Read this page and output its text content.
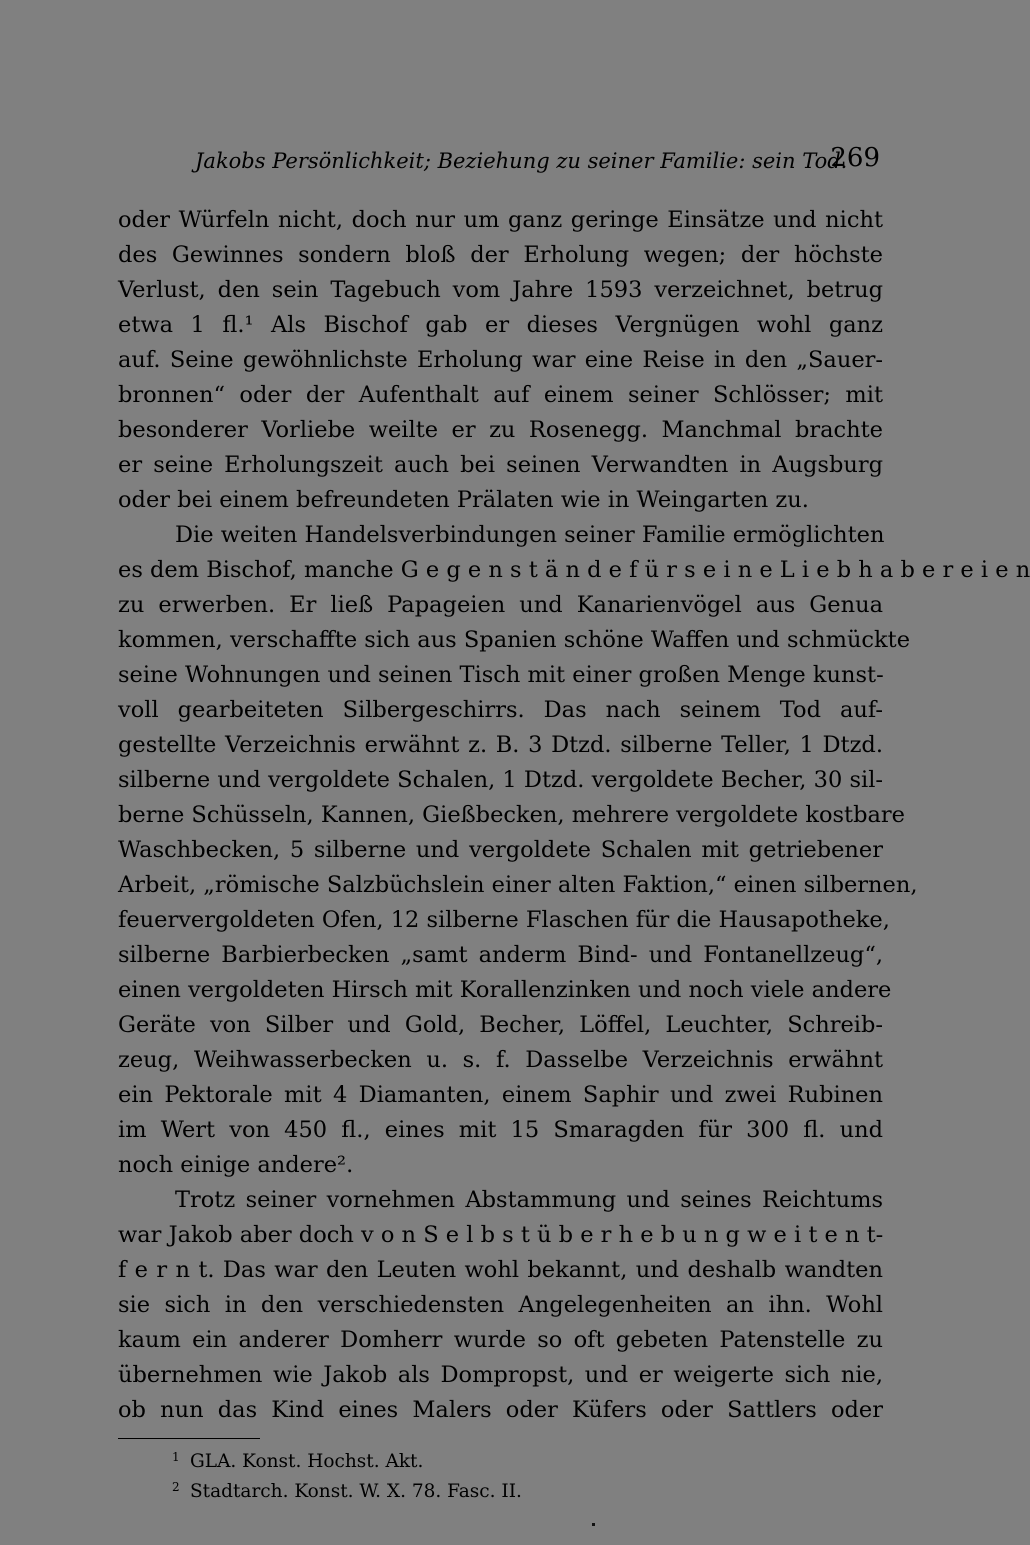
Jakobs Persönlichkeit; Beziehung zu seiner Familie: sein Tod.
269
oder Würfeln nicht, doch nur um ganz geringe Einsätze und nicht
des Gewinnes sondern bloß der Erholung wegen; der höchste
Verlust, den sein Tagebuch vom Jahre 1593 verzeichnet, betrug
etwa 1 fl.¹ Als Bischof gab er dieses Vergnügen wohl ganz
auf. Seine gewöhnlichste Erholung war eine Reise in den „Sauer-
bronnen“ oder der Aufenthalt auf einem seiner Schlösser; mit
besonderer Vorliebe weilte er zu Rosenegg. Manchmal brachte
er seine Erholungszeit auch bei seinen Verwandten in Augsburg
oder bei einem befreundeten Prälaten wie in Weingarten zu.
Die weiten Handelsverbindungen seiner Familie ermöglichten
es dem Bischof, manche G e g e n s t ä n d e f ü r s e i n e L i e b h a b e r e i e n
zu erwerben. Er ließ Papageien und Kanarienvögel aus Genua
kommen, verschaffte sich aus Spanien schöne Waffen und schmückte
seine Wohnungen und seinen Tisch mit einer großen Menge kunst-
voll gearbeiteten Silbergeschirrs. Das nach seinem Tod auf-
gestellte Verzeichnis erwähnt z. B. 3 Dtzd. silberne Teller, 1 Dtzd.
silberne und vergoldete Schalen, 1 Dtzd. vergoldete Becher, 30 sil-
berne Schüsseln, Kannen, Gießbecken, mehrere vergoldete kostbare
Waschbecken, 5 silberne und vergoldete Schalen mit getriebener
Arbeit, „römische Salzbüchslein einer alten Faktion,“ einen silbernen,
feuervergoldeten Ofen, 12 silberne Flaschen für die Hausapotheke,
silberne Barbierbecken „samt anderm Bind- und Fontanellzeug“,
einen vergoldeten Hirsch mit Korallenzinken und noch viele andere
Geräte von Silber und Gold, Becher, Löffel, Leuchter, Schreib-
zeug, Weihwasserbecken u. s. f. Dasselbe Verzeichnis erwähnt
ein Pektorale mit 4 Diamanten, einem Saphir und zwei Rubinen
im Wert von 450 fl., eines mit 15 Smaragden für 300 fl. und
noch einige andere².
Trotz seiner vornehmen Abstammung und seines Reichtums
war Jakob aber doch v o n S e l b s t ü b e r h e b u n g w e i t e n t-
f e r n t. Das war den Leuten wohl bekannt, und deshalb wandten
sie sich in den verschiedensten Angelegenheiten an ihn. Wohl
kaum ein anderer Domherr wurde so oft gebeten Patenstelle zu
übernehmen wie Jakob als Dompropst, und er weigerte sich nie,
ob nun das Kind eines Malers oder Küfers oder Sattlers oder
1 GLA. Konst. Hochst. Akt.
2 Stadtarch. Konst. W. X. 78. Fasc. II.
